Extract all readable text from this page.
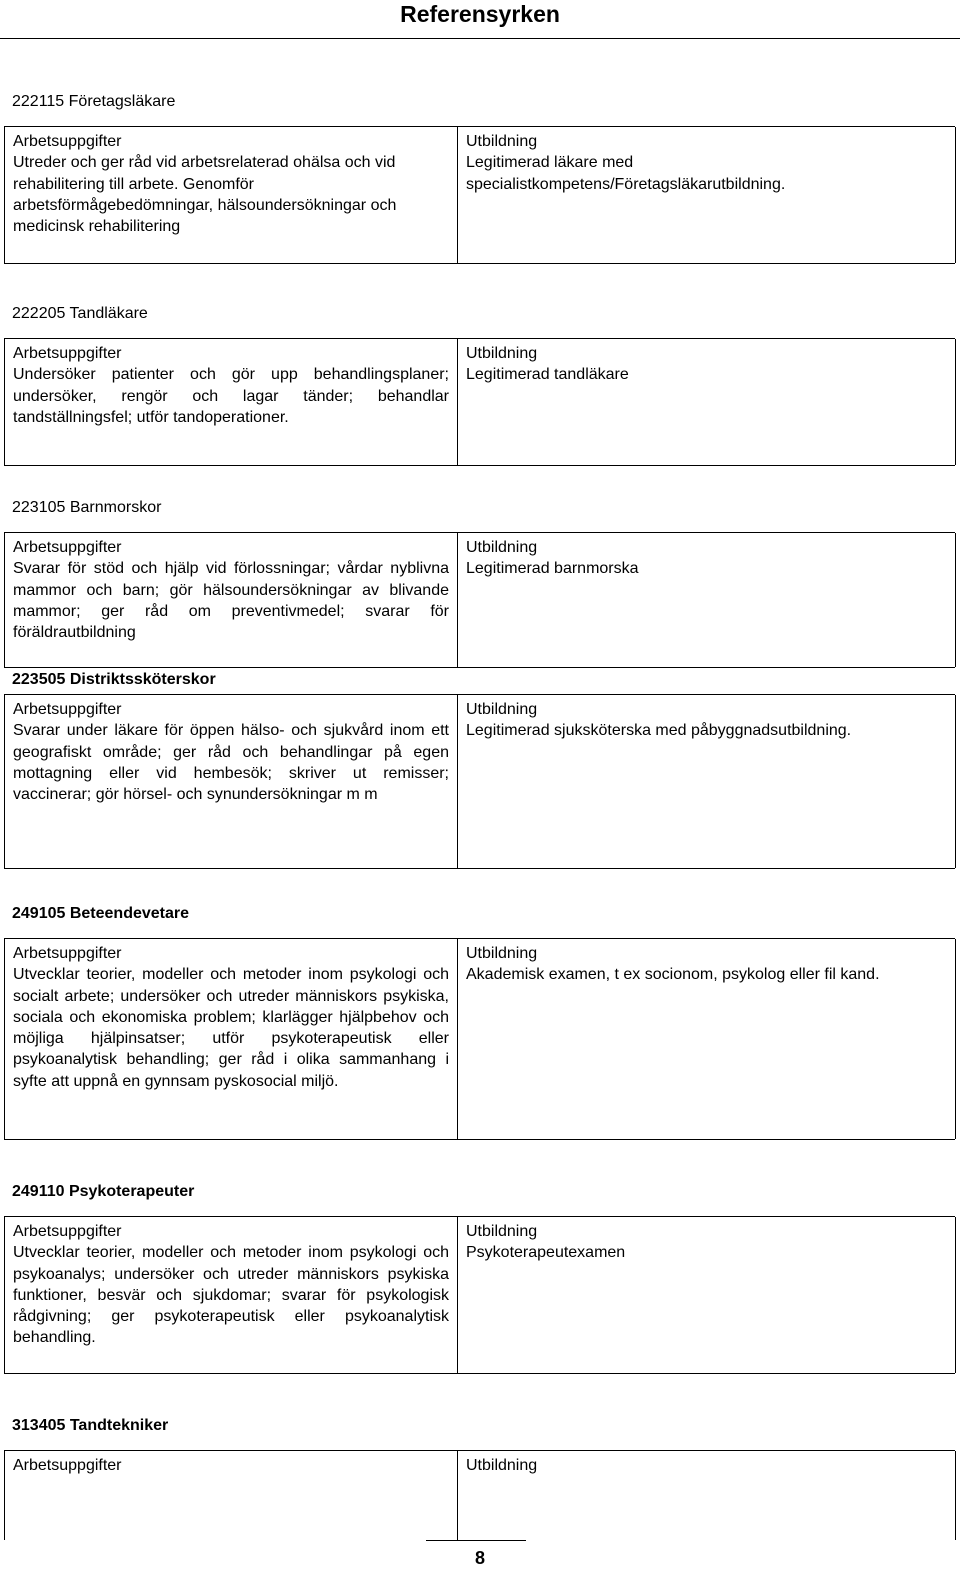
Referensyrken
222115 Företagsläkare
Arbetsuppgifter
Utreder och ger råd vid arbetsrelaterad ohälsa och vid rehabilitering till arbete. Genomför arbetsförmågebedömningar, hälsoundersökningar och medicinsk rehabilitering
Utbildning
Legitimerad läkare med specialistkompetens/Företagsläkarutbildning.
222205 Tandläkare
Arbetsuppgifter
Undersöker patienter och gör upp behandlingsplaner; undersöker, rengör och lagar tänder; behandlar tandställningsfel; utför tandoperationer.
Utbildning
Legitimerad tandläkare
223105 Barnmorskor
Arbetsuppgifter
Svarar för stöd och hjälp vid förlossningar; vårdar nyblivna mammor och barn; gör hälsoundersökningar av blivande mammor; ger råd om preventivmedel; svarar för föräldrautbildning
Utbildning
Legitimerad barnmorska
223505 Distriktssköterskor
Arbetsuppgifter
Svarar under läkare för öppen hälso- och sjukvård inom ett geografiskt område; ger råd och behandlingar på egen mottagning eller vid hembesök; skriver ut remisser; vaccinerar; gör hörsel- och synundersökningar m m
Utbildning
Legitimerad sjuksköterska med påbyggnadsutbildning.
249105 Beteendevetare
Arbetsuppgifter
Utvecklar teorier, modeller och metoder inom psykologi och socialt arbete; undersöker och utreder människors psykiska, sociala och ekonomiska problem; klarlägger hjälpbehov och möjliga hjälpinsatser; utför psykoterapeutisk eller psykoanalytisk behandling; ger råd i olika sammanhang i syfte att uppnå en gynnsam pyskosocial miljö.
Utbildning
Akademisk examen, t ex socionom, psykolog eller fil kand.
249110 Psykoterapeuter
Arbetsuppgifter
Utvecklar teorier, modeller och metoder inom psykologi och psykoanalys; undersöker och utreder människors psykiska funktioner, besvär och sjukdomar; svarar för psykologisk rådgivning; ger psykoterapeutisk eller psykoanalytisk behandling.
Utbildning
Psykoterapeutexamen
313405 Tandtekniker
Arbetsuppgifter	Utbildning
8
